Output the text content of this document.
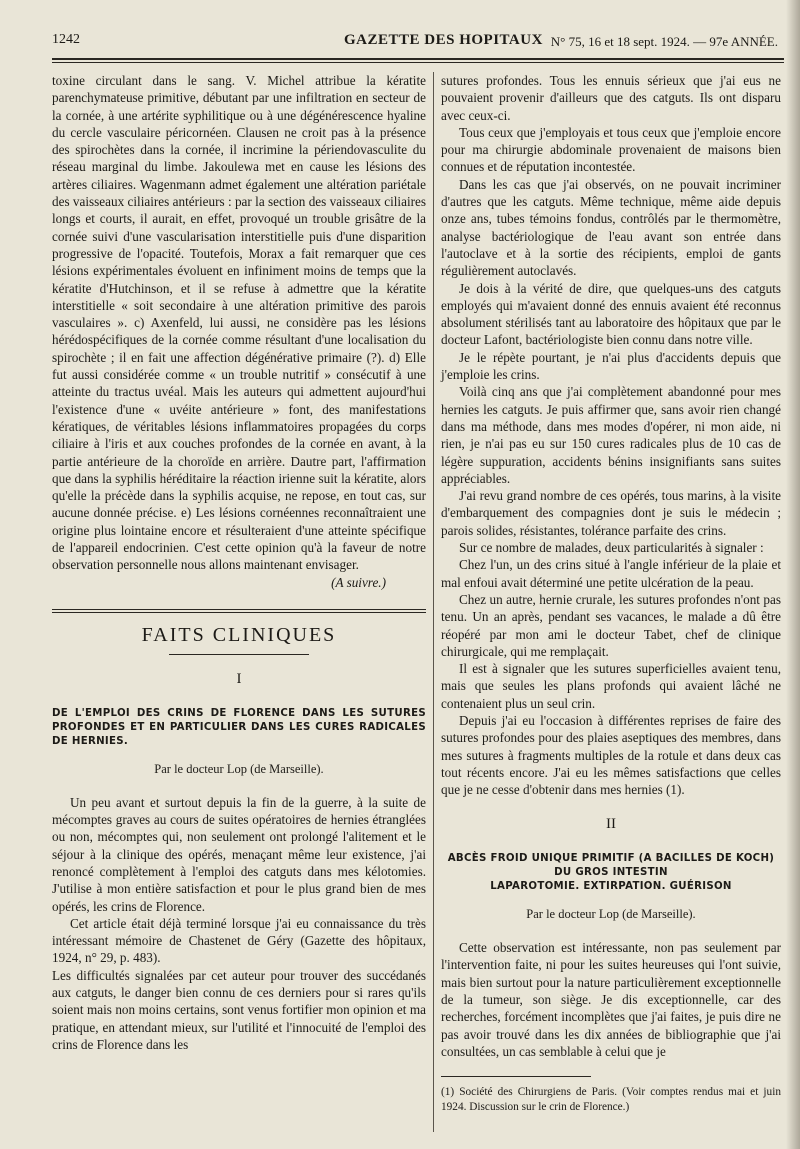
1242	GAZETTE DES HOPITAUX N° 75, 16 et 18 sept. 1924. — 97e ANNÉE.

toxine circulant dans le sang. V. Michel attribue la kératite parenchymateuse primitive, débutant par une infiltration en secteur de la cornée, à une artérite syphilitique ou à une dégénérescence hyaline du cercle vasculaire péricornéen. Clausen ne croit pas à la présence des spirochètes dans la cornée, il incrimine la périendovasculite du réseau marginal du limbe. Jakoulewa met en cause les lésions des artères ciliaires. Wagenmann admet également une altération pariétale des vaisseaux ciliaires antérieurs : par la section des vaisseaux ciliaires longs et courts, il aurait, en effet, provoqué un trouble grisâtre de la cornée suivi d'une vascularisation interstitielle puis d'une disparition progressive de l'opacité. Toutefois, Morax a fait remarquer que ces lésions expérimentales évoluent en infiniment moins de temps que la kératite d'Hutchinson, et il se refuse à admettre que la kératite interstitielle « soit secondaire à une altération primitive des parois vasculaires ». c) Axenfeld, lui aussi, ne considère pas les lésions hérédospécifiques de la cornée comme résultant d'une localisation du spirochète ; il en fait une affection dégénérative primaire (?). d) Elle fut aussi considérée comme « un trouble nutritif » consécutif à une atteinte du tractus uvéal. Mais les auteurs qui admettent aujourd'hui l'existence d'une « uvéite antérieure » font, des manifestations kératiques, de véritables lésions inflammatoires propagées du corps ciliaire à l'iris et aux couches profondes de la cornée en avant, à la partie antérieure de la choroïde en arrière. Dautre part, l'affirmation que dans la syphilis héréditaire la réaction irienne suit la kératite, alors qu'elle la précède dans la syphilis acquise, ne repose, en tout cas, sur aucune donnée précise. e) Les lésions cornéennes reconnaîtraient une origine plus lointaine encore et résulteraient d'une atteinte spécifique de l'appareil endocrinien. C'est cette opinion qu'à la faveur de notre observation personnelle nous allons maintenant envisager.

(A suivre.)

FAITS CLINIQUES
I
DE L'EMPLOI DES CRINS DE FLORENCE DANS LES SUTURES PROFONDES ET EN PARTICULIER DANS LES CURES RADICALES DE HERNIES.
Par le docteur Lop (de Marseille).

Un peu avant et surtout depuis la fin de la guerre, à la suite de mécomptes graves au cours de suites opératoires de hernies étranglées ou non, mécomptes qui, non seulement ont prolongé l'alitement et le séjour à la clinique des opérés, menaçant même leur existence, j'ai renoncé complètement à l'emploi des catguts dans mes kélotomies. J'utilise à mon entière satisfaction et pour le plus grand bien de mes opérés, les crins de Florence.

Cet article était déjà terminé lorsque j'ai eu connaissance du très intéressant mémoire de Chastenet de Géry (Gazette des hôpitaux, 1924, n° 29, p. 483).

Les difficultés signalées par cet auteur pour trouver des succédanés aux catguts, le danger bien connu de ces derniers pour si rares qu'ils soient mais non moins certains, sont venus fortifier mon opinion et ma pratique, en attendant mieux, sur l'utilité et l'innocuité de l'emploi des crins de Florence dans les

sutures profondes. Tous les ennuis sérieux que j'ai eus ne pouvaient provenir d'ailleurs que des catguts. Ils ont disparu avec ceux-ci.

Tous ceux que j'employais et tous ceux que j'emploie encore pour ma chirurgie abdominale provenaient de maisons bien connues et de réputation incontestée.

Dans les cas que j'ai observés, on ne pouvait incriminer d'autres que les catguts. Même technique, même aide depuis onze ans, tubes témoins fondus, contrôlés par le thermomètre, analyse bactériologique de l'eau avant son entrée dans l'autoclave et à la sortie des récipients, emploi de gants régulièrement autoclavés.

Je dois à la vérité de dire, que quelques-uns des catguts employés qui m'avaient donné des ennuis avaient été reconnus absolument stérilisés tant au laboratoire des hôpitaux que par le docteur Lafont, bactériologiste bien connu dans notre ville.

Je le répète pourtant, je n'ai plus d'accidents depuis que j'emploie les crins.

Voilà cinq ans que j'ai complètement abandonné pour mes hernies les catguts. Je puis affirmer que, sans avoir rien changé dans ma méthode, dans mes modes d'opérer, ni mon aide, ni rien, je n'ai pas eu sur 150 cures radicales plus de 10 cas de légère suppuration, accidents bénins insignifiants sans suites appréciables.

J'ai revu grand nombre de ces opérés, tous marins, à la visite d'embarquement des compagnies dont je suis le médecin ; parois solides, résistantes, tolérance parfaite des crins.

Sur ce nombre de malades, deux particularités à signaler :

Chez l'un, un des crins situé à l'angle inférieur de la plaie et mal enfoui avait déterminé une petite ulcération de la peau.

Chez un autre, hernie crurale, les sutures profondes n'ont pas tenu. Un an après, pendant ses vacances, le malade a dû être réopéré par mon ami le docteur Tabet, chef de clinique chirurgicale, qui me remplaçait.

Il est à signaler que les sutures superficielles avaient tenu, mais que seules les plans profonds qui avaient lâché ne contenaient plus un seul crin.

Depuis j'ai eu l'occasion à différentes reprises de faire des sutures profondes pour des plaies aseptiques des membres, dans mes sutures à fragments multiples de la rotule et dans deux cas tout récents encore. J'ai eu les mêmes satisfactions que celles que je ne cesse d'obtenir dans mes hernies (1).

II
ABCÈS FROID UNIQUE PRIMITIF (A BACILLES DE KOCH)
DU GROS INTESTIN
LAPAROTOMIE. EXTIRPATION. GUÉRISON
Par le docteur Lop (de Marseille).

Cette observation est intéressante, non pas seulement par l'intervention faite, ni pour les suites heureuses qui l'ont suivie, mais bien surtout pour la nature particulièrement exceptionnelle de la tumeur, son siège. Je dis exceptionnelle, car des recherches, forcément incomplètes que j'ai faites, je puis dire ne pas avoir trouvé dans les dix années de bibliographie que j'ai consultées, un cas semblable à celui que je

(1) Société des Chirurgiens de Paris. (Voir comptes rendus mai et juin 1924. Discussion sur le crin de Florence.)
